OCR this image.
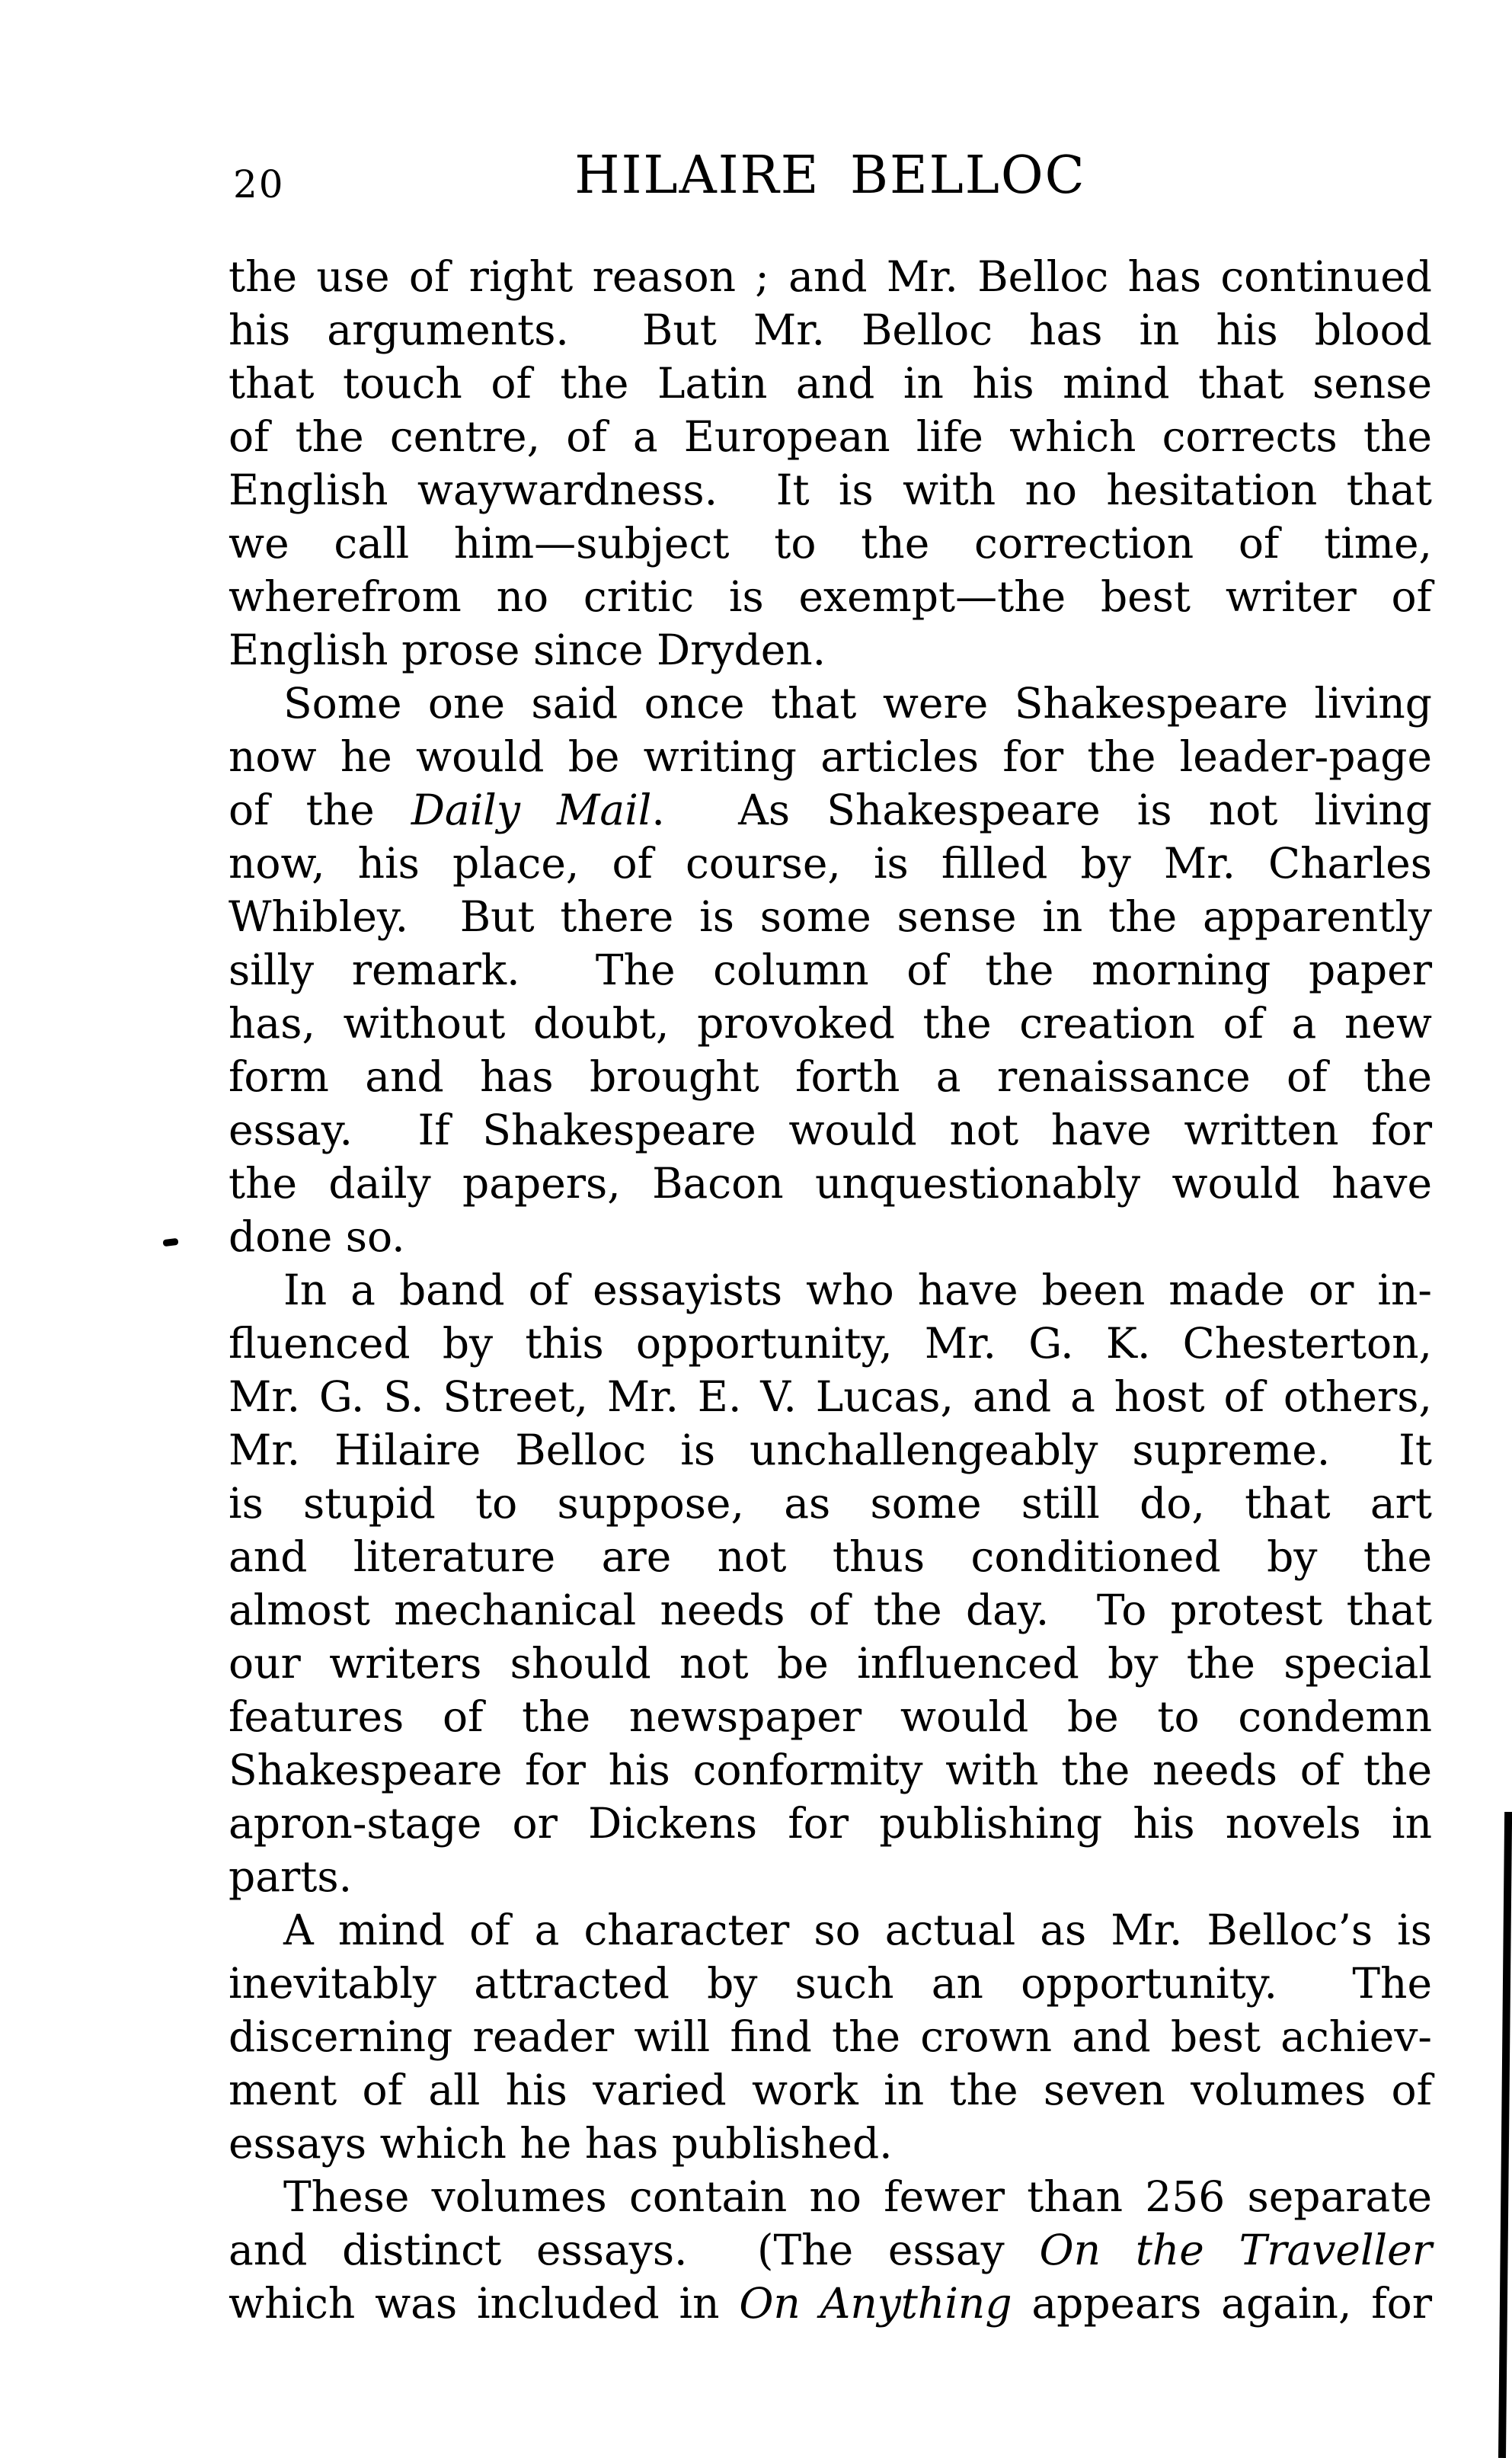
20	HILAIRE BELLOC
the use of right reason ; and Mr. Belloc has continued
his arguments.  But Mr. Belloc has in his blood
that touch of the Latin and in his mind that sense
of the centre, of a European life which corrects the
English waywardness.  It is with no hesitation that
we call him—subject to the correction of time,
wherefrom no critic is exempt—the best writer of
English prose since Dryden.
Some one said once that were Shakespeare living
now he would be writing articles for the leader-page
of the Daily Mail.  As Shakespeare is not living
now, his place, of course, is filled by Mr. Charles
Whibley.  But there is some sense in the apparently
silly remark.  The column of the morning paper
has, without doubt, provoked the creation of a new
form and has brought forth a renaissance of the
essay.  If Shakespeare would not have written for
the daily papers, Bacon unquestionably would have
done so.
In a band of essayists who have been made or in-
fluenced by this opportunity, Mr. G. K. Chesterton,
Mr. G. S. Street, Mr. E. V. Lucas, and a host of others,
Mr. Hilaire Belloc is unchallengeably supreme.  It
is stupid to suppose, as some still do, that art
and literature are not thus conditioned by the
almost mechanical needs of the day.  To protest that
our writers should not be influenced by the special
features of the newspaper would be to condemn
Shakespeare for his conformity with the needs of the
apron-stage or Dickens for publishing his novels in
parts.
A mind of a character so actual as Mr. Belloc’s is
inevitably attracted by such an opportunity.  The
discerning reader will find the crown and best achiev-
ment of all his varied work in the seven volumes of
essays which he has published.
These volumes contain no fewer than 256 separate
and distinct essays.  (The essay On the Traveller
which was included in On Anything appears again, for
